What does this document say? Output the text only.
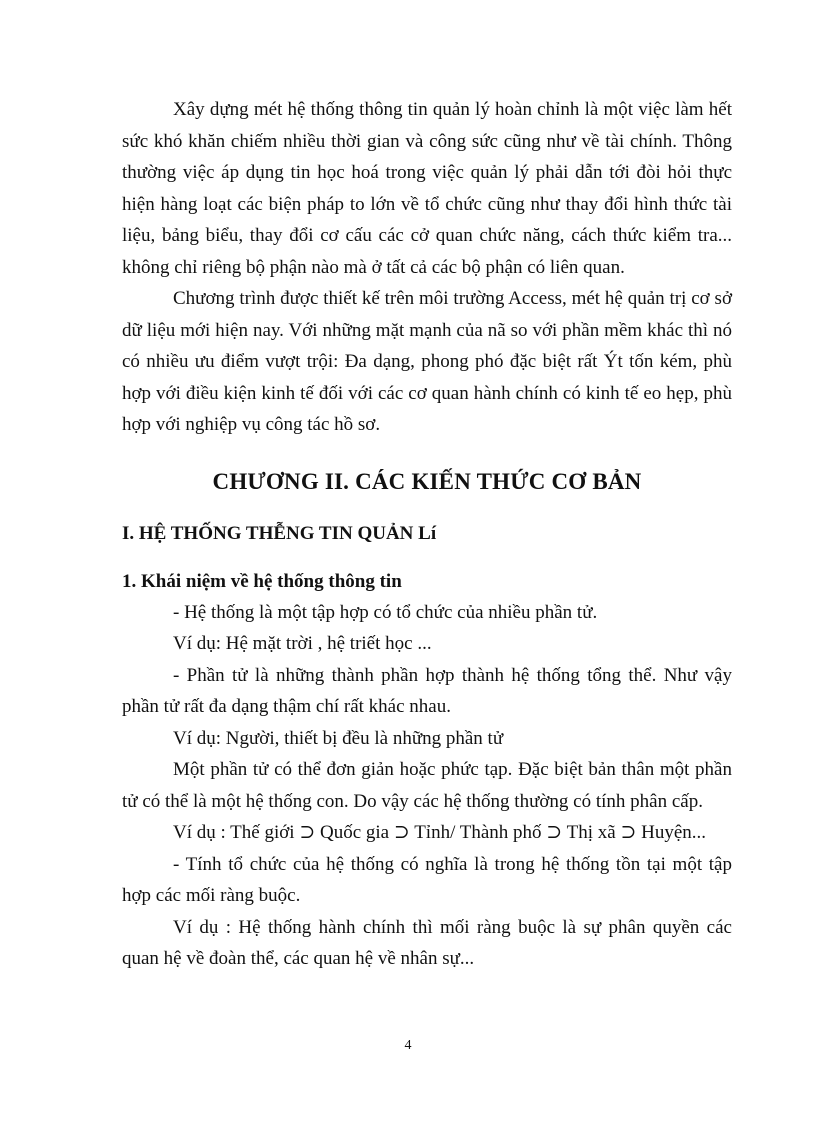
Xây dựng mét hệ thống thông tin quản lý hoàn chỉnh là một việc làm hết sức khó khăn chiếm nhiều thời gian và công sức cũng như về tài chính. Thông thường việc áp dụng tin học hoá trong việc quản lý phải dẫn tới đòi hỏi thực hiện hàng loạt các biện pháp to lớn về tổ chức cũng như thay đổi hình thức tài liệu, bảng biểu, thay đổi cơ cấu các cở quan chức năng, cách thức kiểm tra... không chỉ riêng bộ phận nào mà ở tất cả các bộ phận có liên quan.

Chương trình được thiết kế trên môi trường Access, mét hệ quản trị cơ sở dữ liệu mới hiện nay. Với những mặt mạnh của nã so với phần mềm khác thì nó có nhiều ưu điểm vượt trội: Đa dạng, phong phó đặc biệt rất Ýt tốn kém, phù hợp với điều kiện kinh tế đối với các cơ quan hành chính có kinh tế eo hẹp, phù hợp với nghiệp vụ công tác hồ sơ.

CHƯƠNG II. CÁC KIẾN THỨC CƠ BẢN
I. HỆ THỐNG THỄNG TIN QUẢN Lí
1. Khái niệm về hệ thống thông tin

- Hệ thống là một tập hợp có tổ chức của nhiều phần tử.

Ví dụ: Hệ mặt trời , hệ triết học ...

- Phần tử là những thành phần hợp thành hệ thống tổng thể. Như vậy phần tử rất đa dạng thậm chí rất khác nhau.

Ví dụ: Người, thiết bị đều là những phần tử

Một phần tử có thể đơn giản hoặc phức tạp. Đặc biệt bản thân một phần tử có thể là một hệ thống con. Do vậy các hệ thống thường có tính phân cấp.

Ví dụ : Thế giới ⊃ Quốc gia ⊃ Tỉnh/ Thành phố ⊃ Thị xã ⊃ Huyện...

- Tính tổ chức của hệ thống có nghĩa là trong hệ thống tồn tại một tập hợp các mối ràng buộc.

Ví dụ : Hệ thống hành chính thì mối ràng buộc là sự phân quyền các quan hệ về đoàn thể, các quan hệ về nhân sự...

4
